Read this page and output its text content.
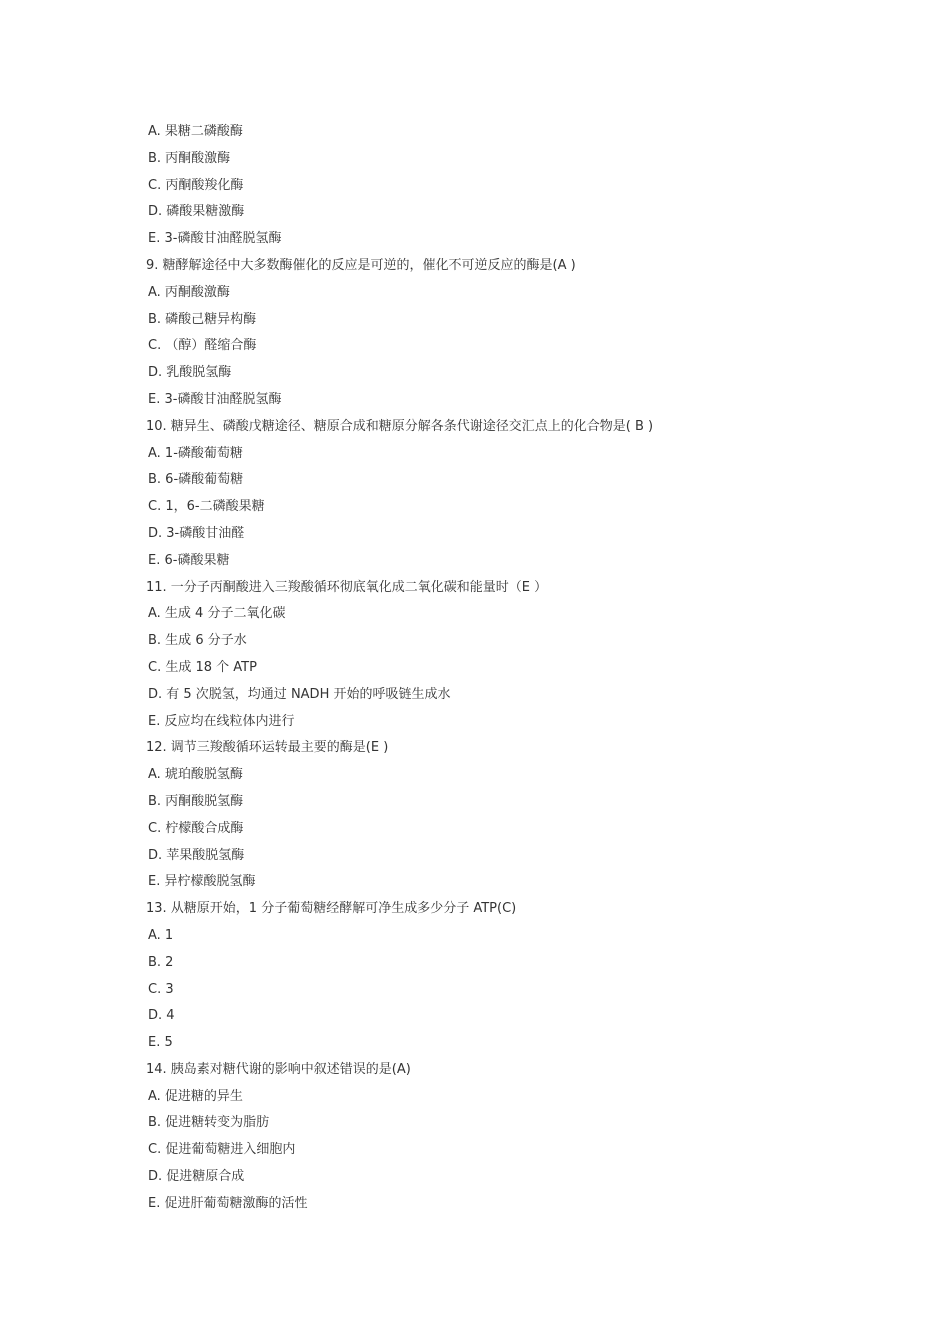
A. 果糖二磷酸酶
B. 丙酮酸激酶
C. 丙酮酸羧化酶
D. 磷酸果糖激酶
E. 3-磷酸甘油醛脱氢酶
9. 糖酵解途径中大多数酶催化的反应是可逆的，催化不可逆反应的酶是(A )
A. 丙酮酸激酶
B. 磷酸己糖异构酶
C. （醇）醛缩合酶
D. 乳酸脱氢酶
E. 3-磷酸甘油醛脱氢酶
10. 糖异生、磷酸戊糖途径、糖原合成和糖原分解各条代谢途径交汇点上的化合物是( B )
A. 1-磷酸葡萄糖
B. 6-磷酸葡萄糖
C. 1，6-二磷酸果糖
D. 3-磷酸甘油醛
E. 6-磷酸果糖
11. 一分子丙酮酸进入三羧酸循环彻底氧化成二氧化碳和能量时（E ）
A. 生成 4 分子二氧化碳
B. 生成 6 分子水
C. 生成 18 个 ATP
D. 有 5 次脱氢，均通过 NADH 开始的呼吸链生成水
E. 反应均在线粒体内进行
12. 调节三羧酸循环运转最主要的酶是(E )
A. 琥珀酸脱氢酶
B. 丙酮酸脱氢酶
C. 柠檬酸合成酶
D. 苹果酸脱氢酶
E. 异柠檬酸脱氢酶
13. 从糖原开始，1 分子葡萄糖经酵解可净生成多少分子 ATP(C)
A. 1
B. 2
C. 3
D. 4
E. 5
14. 胰岛素对糖代谢的影响中叙述错误的是(A)
A. 促进糖的异生
B. 促进糖转变为脂肪
C. 促进葡萄糖进入细胞内
D. 促进糖原合成
E. 促进肝葡萄糖激酶的活性
